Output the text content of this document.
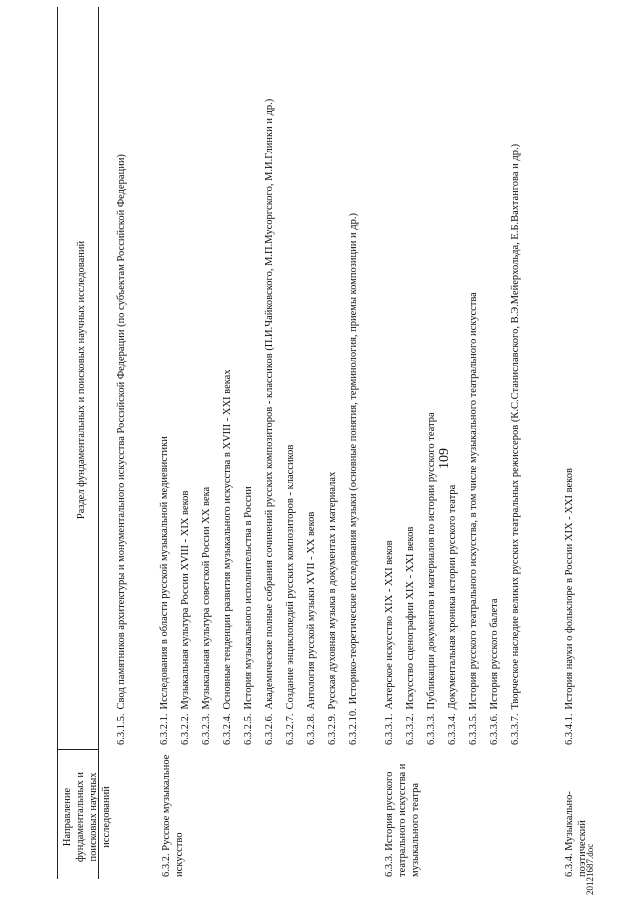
109
Направление фундаментальных и поисковых научных исследований
Раздел фундаментальных и поисковых научных исследований
6.3.2. Русское музыкальное искусство	6.3.3. История русского театрального искусства и музыкального театра	6.3.4. Музыкально-поэтический
6.3.1.5.
Свод памятников архитектуры и монументального искусства Российской Федерации (по субъектам Российской Федерации)
6.3.2.1.
Исследования в области русской музыкальной медиевистики
6.3.2.2.
Музыкальная культура России XVIII - XIX веков
6.3.2.3.
Музыкальная культура советской России XX века
6.3.2.4.
Основные тенденции развития музыкального искусства в XVIII - XXI веках
6.3.2.5.
История музыкального исполнительства в России
6.3.2.6.
Академические полные собрания сочинений русских композиторов - классиков (П.И.Чайковского, М.П.Мусоргского, М.И.Глинки и др.)
6.3.2.7.
Создание энциклопедий русских композиторов - классиков
6.3.2.8.
Антология русской музыки XVII - XX веков
6.3.2.9.
Русская духовная музыка в документах и материалах
6.3.2.10.
Историко-теоретические исследования музыки (основные понятия, терминология, приемы композиции и др.)
6.3.3.1.
Актерское искусство XIX - XXI веков
6.3.3.2.
Искусство сценографии XIX - XXI веков
6.3.3.3.
Публикации документов и материалов по истории русского театра
6.3.3.4.
Документальная хроника истории русского театра
6.3.3.5.
История русского театрального искусства, в том числе музыкального театрального искусства
6.3.3.6.
История русского балета
6.3.3.7.
Творческое наследие великих русских театральных режиссеров (К.С.Станиславского, В.Э.Мейерхольда, Е.Б.Вахтангова и др.)
6.3.4.1.
История науки о фольклоре в России XIX - XXI веков
20121687.doc
